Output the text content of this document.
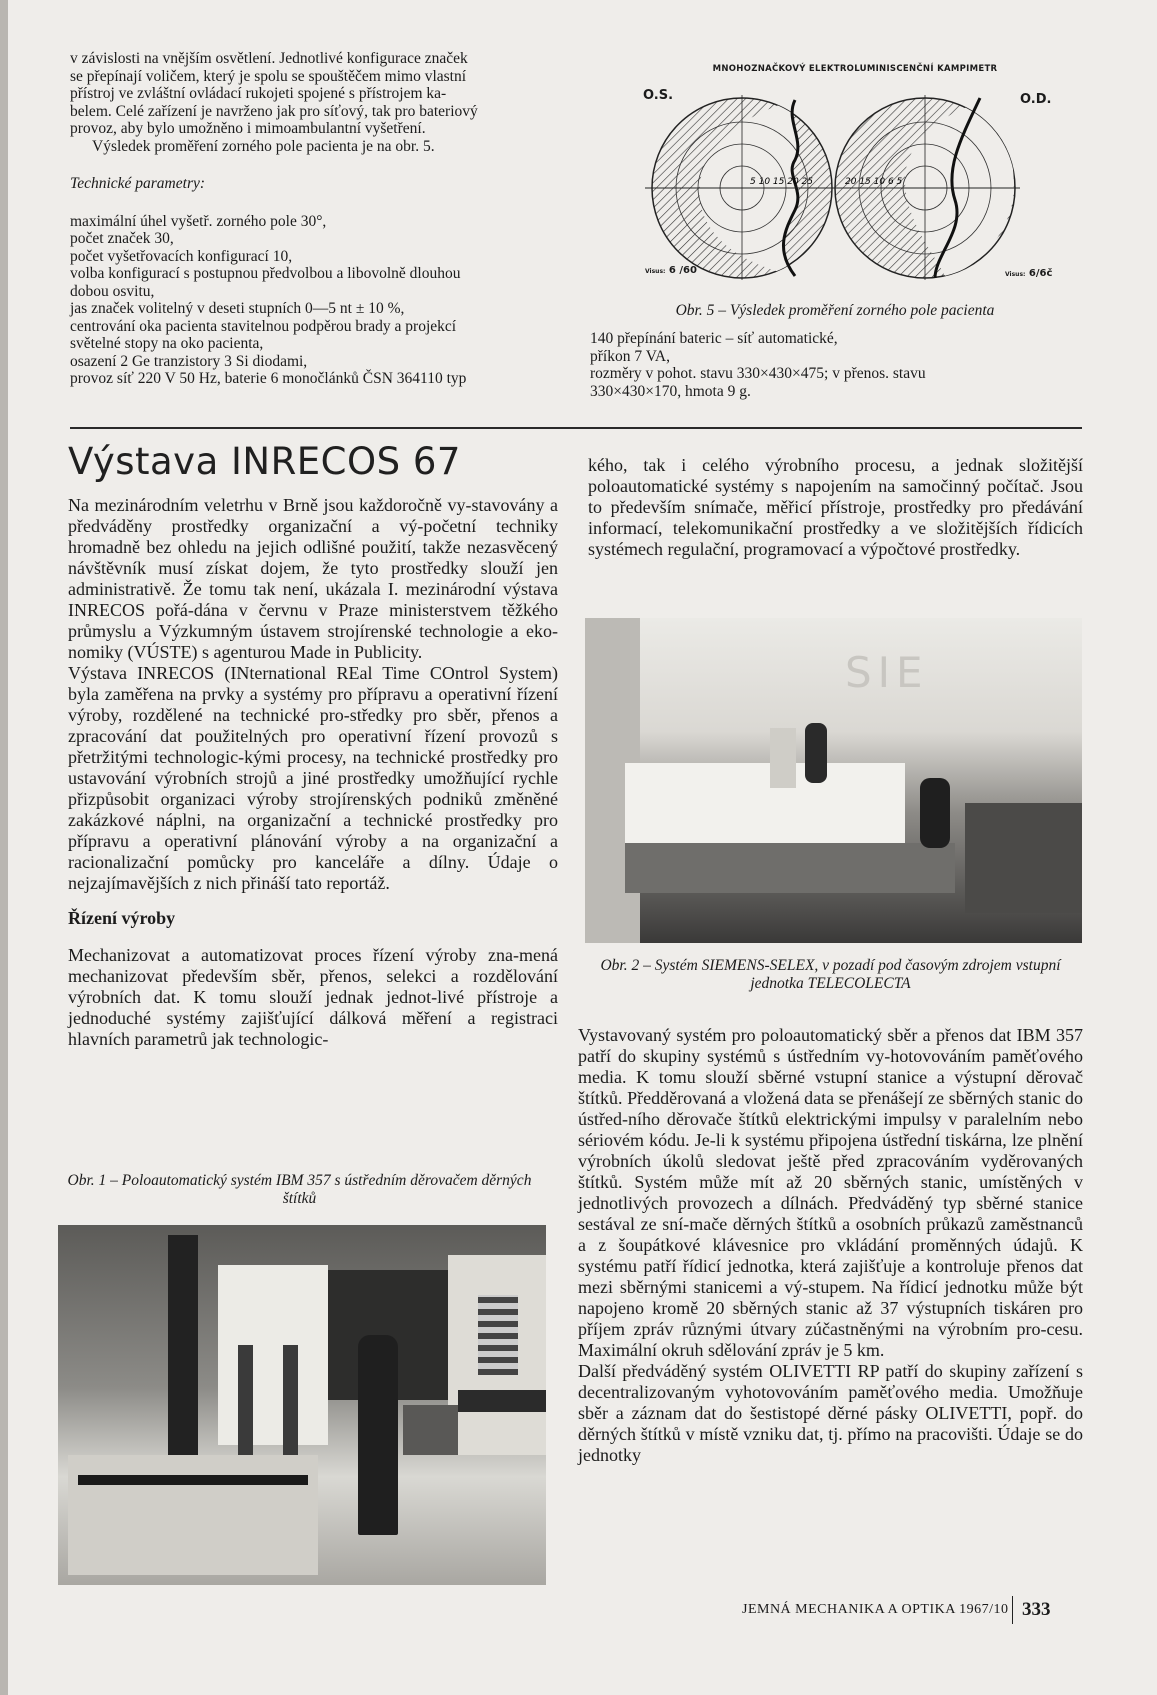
v závislosti na vnějším osvětlení. Jednotlivé konfigurace značek
se přepínají voličem, který je spolu se spouštěčem mimo vlastní
přístroj ve zvláštní ovládací rukojeti spojené s přístrojem ka-
belem. Celé zařízení je navrženo jak pro síťový, tak pro bateriový
provoz, aby bylo umožněno i mimoambulantní vyšetření.
Výsledek proměření zorného pole pacienta je na obr. 5.
Technické parametry:
maximální úhel vyšetř. zorného pole 30°,
počet značek 30,
počet vyšetřovacích konfigurací 10,
volba konfigurací s postupnou předvolbou a libovolně dlouhou
dobou osvitu,
jas značek volitelný v deseti stupních 0—5 nt ± 10 %,
centrování oka pacienta stavitelnou podpěrou brady a projekcí
světelné stopy na oko pacienta,
osazení 2 Ge tranzistory 3 Si diodami,
provoz síť 220 V 50 Hz, baterie 6 monočlánků ČSN 364110 typ
MNOHOZNAČKOVÝ ELEKTROLUMINISCENČNÍ KAMPIMETR
O.S.	O.D.
5 10 15 20 25	20 15 10 6 5
Visus: 6 /60	Visus: 6/6č
Obr. 5 – Výsledek proměření zorného pole pacienta
140 přepínání bateric – síť automatické,
příkon 7 VA,
rozměry v pohot. stavu 330×430×475; v přenos. stavu
330×430×170, hmota 9 g.
Výstava INRECOS 67

Na mezinárodním veletrhu v Brně jsou každoročně vy-stavovány a předváděny prostředky organizační a vý-početní techniky hromadně bez ohledu na jejich odlišné použití, takže nezasvěcený návštěvník musí získat dojem, že tyto prostředky slouží jen administrativě. Že tomu tak není, ukázala I. mezinárodní výstava INRECOS pořá-dána v červnu v Praze ministerstvem těžkého průmyslu a Výzkumným ústavem strojírenské technologie a eko-nomiky (VÚSTE) s agenturou Made in Publicity.

Výstava INRECOS (INternational REal Time COntrol System) byla zaměřena na prvky a systémy pro přípravu a operativní řízení výroby, rozdělené na technické pro-středky pro sběr, přenos a zpracování dat použitelných pro operativní řízení provozů s přetržitými technologic-kými procesy, na technické prostředky pro ustavování výrobních strojů a jiné prostředky umožňující rychle přizpůsobit organizaci výroby strojírenských podniků změněné zakázkové náplni, na organizační a technické prostředky pro přípravu a operativní plánování výroby a na organizační a racionalizační pomůcky pro kanceláře a dílny. Údaje o nejzajímavějších z nich přináší tato reportáž.

Řízení výroby

Mechanizovat a automatizovat proces řízení výroby zna-mená mechanizovat především sběr, přenos, selekci a rozdělování výrobních dat. K tomu slouží jednak jednot-livé přístroje a jednoduché systémy zajišťující dálková měření a registraci hlavních parametrů jak technologic-

Obr. 1 – Poloautomatický systém IBM 357 s ústředním děrovačem děrných štítků

kého, tak i celého výrobního procesu, a jednak složitější poloautomatické systémy s napojením na samočinný počítač. Jsou to především snímače, měřicí přístroje, prostředky pro předávání informací, telekomunikační prostředky a ve složitějších řídicích systémech regulační, programovací a výpočtové prostředky.

SIE
Obr. 2 – Systém SIEMENS-SELEX, v pozadí pod časovým zdrojem vstupní jednotka TELECOLECTA

Vystavovaný systém pro poloautomatický sběr a přenos dat IBM 357 patří do skupiny systémů s ústředním vy-hotovováním paměťového media. K tomu slouží sběrné vstupní stanice a výstupní děrovač štítků. Předděrovaná a vložená data se přenášejí ze sběrných stanic do ústřed-ního děrovače štítků elektrickými impulsy v paralelním nebo sériovém kódu. Je-li k systému připojena ústřední tiskárna, lze plnění výrobních úkolů sledovat ještě před zpracováním vyděrovaných štítků. Systém může mít až 20 sběrných stanic, umístěných v jednotlivých provozech a dílnách. Předváděný typ sběrné stanice sestával ze sní-mače děrných štítků a osobních průkazů zaměstnanců a z šoupátkové klávesnice pro vkládání proměnných údajů. K systému patří řídicí jednotka, která zajišťuje a kontroluje přenos dat mezi sběrnými stanicemi a vý-stupem. Na řídicí jednotku může být napojeno kromě 20 sběrných stanic až 37 výstupních tiskáren pro příjem zpráv různými útvary zúčastněnými na výrobním pro-cesu. Maximální okruh sdělování zpráv je 5 km.

Další předváděný systém OLIVETTI RP patří do skupiny zařízení s decentralizovaným vyhotovováním paměťového media. Umožňuje sběr a záznam dat do šestistopé děrné pásky OLIVETTI, popř. do děrných štítků v místě vzniku dat, tj. přímo na pracovišti. Údaje se do jednotky

JEMNÁ MECHANIKA A OPTIKA 1967/10 333
